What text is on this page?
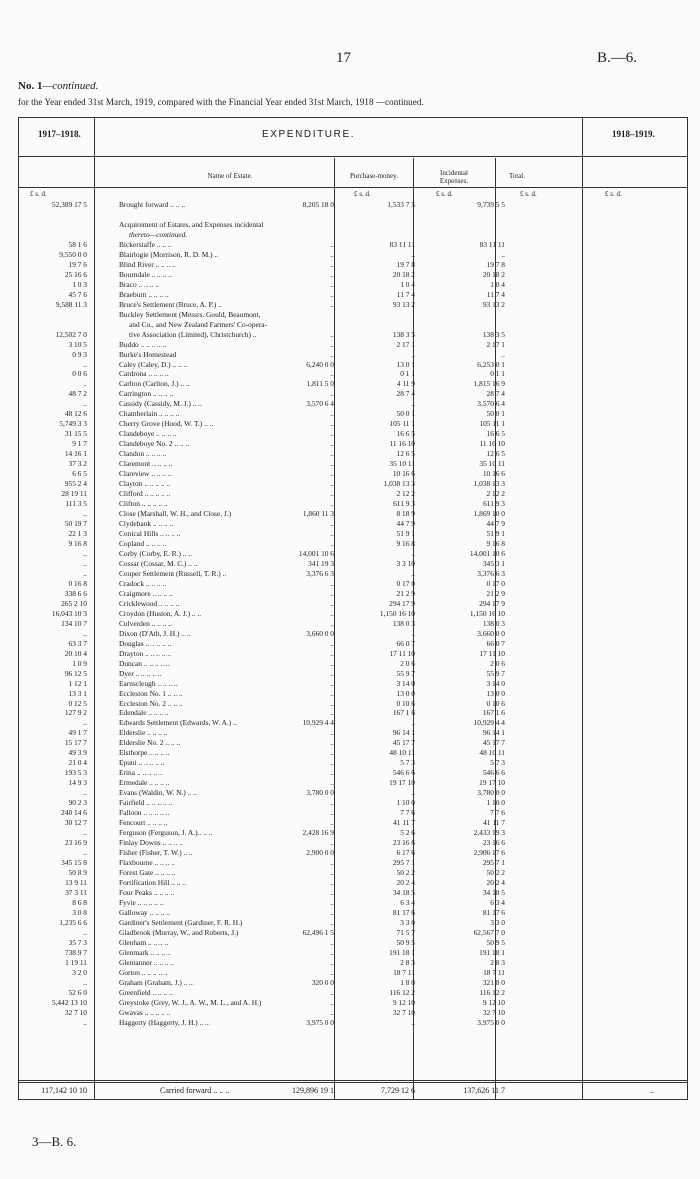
17	B.—6.
No. 1—continued.
for the Year ended 31st March, 1919, compared with the Financial Year ended 31st March, 1918 —continued.
1917–1918.	EXPENDITURE.	1918–1919.
Name of Estate.	Purchase-money.	Incidental
Expenses.
Total.
£ s. d.	£ s. d.	£ s. d.	£ s. d.	£ s. d.
52,389 17 5	Brought forward .. .. ..	8,205 18 0	1,533 7 5	9,739 5 5
Acquirement of Estates, and Expenses incidental
thereto—continued.
58 1 6	Bickerstaffe .. .. ..	..	83 11 11	83 11 11
9,550 0 0	Blairlogie (Morrison, R. D. M.) ..	..	..	..
19 7 6	Blind River .. .. .. ..	..	19 7 8	19 7 8
25 16 6	Bourndale .. .. .. ..	..	20 18 2	20 18 2
1 0 3	Braco .. .. .. ..	..	1 0 4	1 0 4
45 7 6	Braeburn .. .. .. ..	..	11 7 4	11 7 4
9,588 11 3	Bruce's Settlement (Bruce, A. P.) ..	..	93 13 2	93 13 2
Buckley Settlement (Messrs. Gould, Beaumont,
and Co., and New Zealand Farmers' Co-opera-
12,502 7 0	tive Association (Limited), Christchurch) ..	..	138 3 5	138 3 5
3 10 5	Buddo .. .. .. .. ..	..	2 17 1	2 17 1
0 9 3	Burke's Homestead	..	..	..
..	Caley (Caley, D.) .. .. ..	6,240 0 0	13 0 1	6,253 0 1
0 0 6	Cardrona .. .. .. ..	..	0 1 1	0 1 1
..	Carlton (Carlton, J.) .. ..	1,811 5 0	4 11 9	1,815 16 9
48 7 2	Carrington .. .. .. ..	..	28 7 4	28 7 4
..	Cassidy (Cassidy, M. J.) .. ..	3,570 6 4	..	3,570 6 4
48 12 6	Chamberlain .. .. .. ..	..	50 0 1	50 0 1
5,749 3 3	Cherry Grove (Hood, W. T.) .. ..	..	105 11 1	105 11 1
31 15 5	Clandeboye .. .. .. ..	..	16 6 5	16 6 5
9 1 7	Clandeboye No. 2 .. .. ..	..	11 16 10	11 16 10
14 16 1	Clandon .. .. .. ..	..	12 6 5	12 6 5
37 3 2	Claremont .. .. .. ..	..	35 10 11	35 10 11
6 6 5	Clareview .. .. .. ..	..	10 16 6	10 16 6
955 2 4	Clayton .. .. .. .. ..	..	1,038 13 3	1,038 13 3
28 19 11	Clifford .. .. .. .. ..	..	2 12 2	2 12 2
111 3 5	Clifton .. .. .. .. ..	..	611 9 3	611 9 3
..	Close (Marshall, W. H., and Close, J.)	1,860 11 3	8 18 9	1,869 10 0
50 19 7	Clydebank .. .. .. ..	..	44 7 9	44 7 9
22 1 3	Conical Hills .. .. .. ..	..	51 9 1	51 9 1
9 16 8	Copland .. .. .. ..	..	9 16 8	9 16 8
..	Corby (Corby, E. R.) .. ..	14,001 10 6	..	14,001 10 6
..	Cossar (Cossar, M. C.) .. ..	341 19 3	3 3 10	345 3 1
..	Couper Settlement (Russell, T. R.) ..	3,376 6 3	..	3,376 6 3
0 16 8	Cradock .. .. .. ..	..	0 17 0	0 17 0
338 6 6	Craigmore .. .. .. ..	..	21 2 9	21 2 9
265 2 10	Cricklewood .. .. .. ..	..	294 17 9	294 17 9
16,043 10 3	Croydon (Huston, A. J.) .. ..	..	1,150 16 10	1,150 16 10
134 10 7	Culverden .. .. .. ..	..	138 0 3	138 0 3
..	Dixon (D'Ath, J. H.) .. ..	3,660 0 0	..	3,660 0 0
63 3 7	Douglas .. .. .. .. ..	..	66 0 7	66 0 7
20 10 4	Drayton .. .. .. .. ..	..	17 11 10	17 11 10
1 0 9	Duncan .. .. .. .. ..	..	2 0 6	2 0 6
96 12 5	Dyer .. .. .. .. ..	..	55 9 7	55 9 7
1 12 1	Earnscleugh .. .. .. ..	..	3 14 0	3 14 0
13 3 1	Eccleston No. 1 .. .. ..	..	13 0 0	13 0 0
0 12 5	Eccleston No. 2 .. .. ..	..	0 10 6	0 10 6
127 9 2	Edendale .. .. .. ..	..	167 1 6	167 1 6
..	Edwards Settlement (Edwards, W. A.) ..	10,929 4 4	..	10,929 4 4
49 1 7	Elderslie .. .. .. ..	..	96 14 1	96 14 1
15 17 7	Elderslie No. 2 .. .. ..	..	45 17 7	45 17 7
49 3 9	Elsthorpe .. .. .. ..	..	48 10 11	48 10 11
21 0 4	Epuni .. .. .. .. ..	..	5 7 3	5 7 3
193 5 3	Erina .. .. .. .. ..	..	546 6 6	546 6 6
14 9 3	Ermedale .. .. .. ..	..	19 17 10	19 17 10
..	Evans (Waldin, W. N.) .. ..	3,780 0 0	..	3,780 0 0
90 2 3	Fairfield .. .. .. .. ..	..	1 10 0	1 10 0
240 14 6	Falloon .. .. .. .. ..	..	7 7 6	7 7 6
30 12 7	Fencourt .. .. .. ..	..	41 11 7	41 11 7
..	Ferguson (Ferguson, J. A.).. .. ..	2,428 16 9	5 2 6	2,433 19 3
23 16 9	Finlay Downs .. .. .. ..	..	23 16 6	23 16 6
..	Fisher (Fisher, T. W.) .. ..	2,900 0 0	6 17 6	2,906 17 6
345 15 8	Flaxbourne .. .. .. ..	..	295 7 1	295 7 1
50 8 9	Forest Gate .. .. .. ..	..	50 2 2	50 2 2
13 9 11	Fortification Hill .. .. ..	..	20 2 4	20 2 4
37 3 11	Four Peaks .. .. .. ..	..	34 18 5	34 18 5
8 6 8	Fyvie .. .. .. .. ..	..	6 3 4	6 3 4
3 0 8	Galloway .. .. .. ..	..	81 17 6	81 17 6
1,235 6 6	Gardiner's Settlement (Gardiner, F. R. H.)	..	3 3 0	3 3 0
..	Gladbrook (Murray, W., and Roberts, J.)	62,496 1 5	71 5 7	62,567 7 0
35 7 3	Glenham .. .. .. ..	..	50 9 5	50 9 5
738 9 7	Glenmark .. .. .. ..	..	191 18 1	191 18 1
1 19 11	Glentanner .. .. .. ..	..	2 8 3	2 8 3
3 2 0	Gorton .. .. .. .. ..	..	18 7 11	18 7 11
..	Graham (Graham, J.) .. ..	320 0 0	1 8 0	321 8 0
52 6 0	Greenfield .. .. .. ..	..	116 12 2	116 12 2
5,442 13 10	Greystoke (Grey, W. J., A. W., M. L., and A. H.)	..	9 12 10	9 12 10
32 7 10	Gwavas .. .. .. .. ..	..	32 7 10	32 7 10
..	Haggerty (Haggerty, J. H.) .. ..	3,975 0 0	..	3,975 0 0
117,142 10 10	Carried forward .. .. ..	129,896 19 1	7,729 12 6	137,626 11 7	..
3—B. 6.
